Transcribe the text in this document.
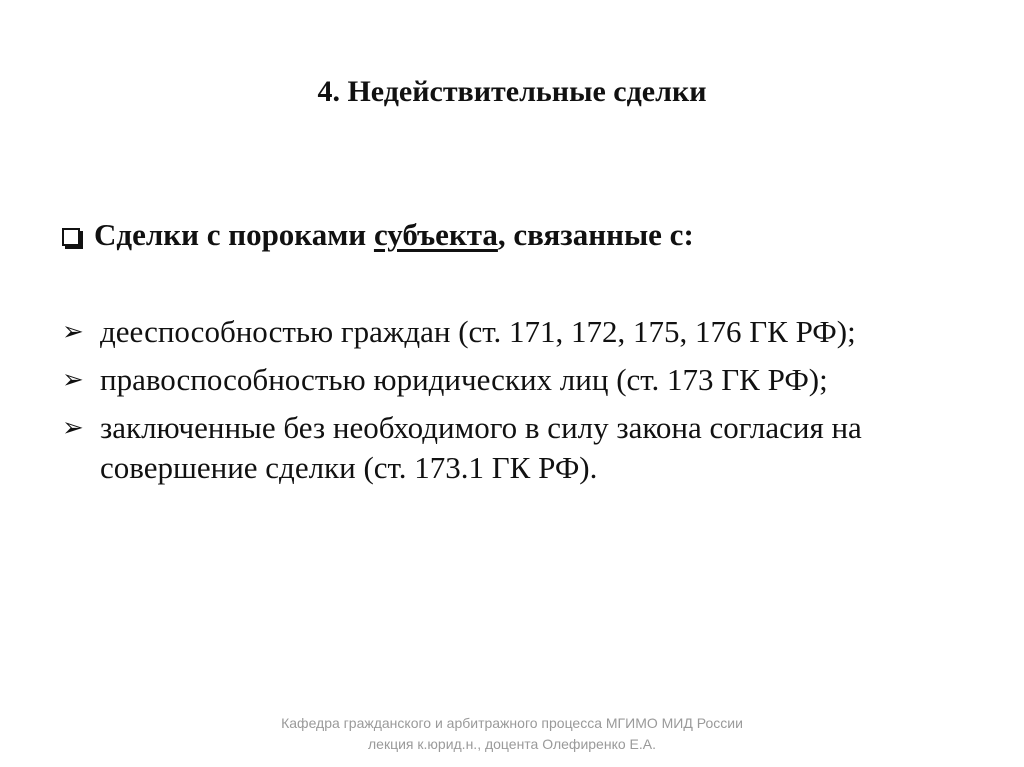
4. Недействительные сделки
Сделки с пороками субъекта, связанные с:
➢ дееспособностью граждан (ст. 171, 172, 175, 176 ГК РФ);
➢ правоспособностью юридических лиц (ст. 173 ГК РФ);
➢ заключенные без необходимого в силу закона согласия на совершение сделки (ст. 173.1 ГК РФ).
Кафедра гражданского и арбитражного процесса МГИМО МИД России
лекция к.юрид.н., доцента Олефиренко Е.А.
